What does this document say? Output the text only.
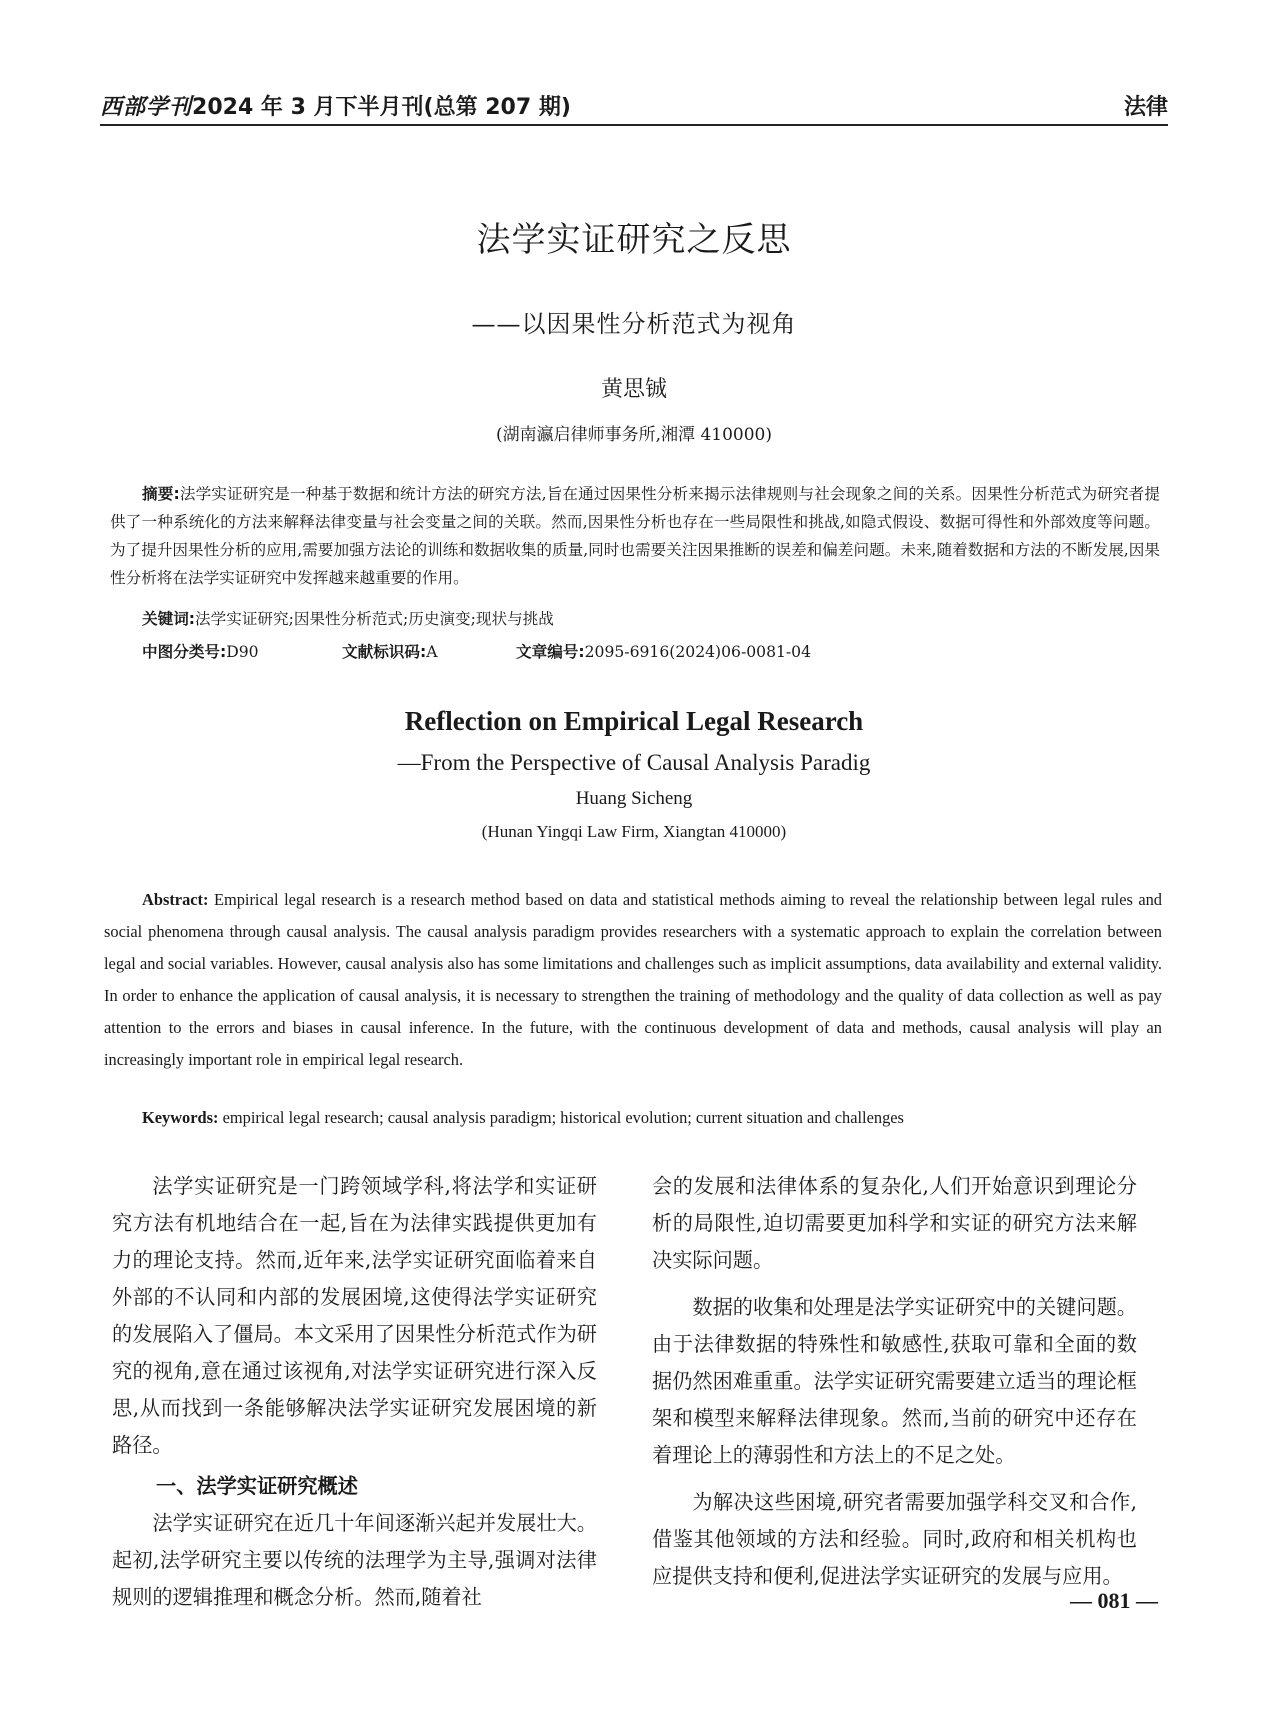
西部学刊2024 年 3 月下半月刊(总第 207 期)	法律
法学实证研究之反思
——以因果性分析范式为视角
黄思铖
(湖南瀛启律师事务所,湘潭 410000)
摘要:法学实证研究是一种基于数据和统计方法的研究方法,旨在通过因果性分析来揭示法律规则与社会现象之间的关系。因果性分析范式为研究者提供了一种系统化的方法来解释法律变量与社会变量之间的关联。然而,因果性分析也存在一些局限性和挑战,如隐式假设、数据可得性和外部效度等问题。为了提升因果性分析的应用,需要加强方法论的训练和数据收集的质量,同时也需要关注因果推断的误差和偏差问题。未来,随着数据和方法的不断发展,因果性分析将在法学实证研究中发挥越来越重要的作用。
关键词:法学实证研究;因果性分析范式;历史演变;现状与挑战
中图分类号:D90	文献标识码:A	文章编号:2095-6916(2024)06-0081-04
Reflection on Empirical Legal Research
—From the Perspective of Causal Analysis Paradig
Huang Sicheng
(Hunan Yingqi Law Firm, Xiangtan 410000)
Abstract: Empirical legal research is a research method based on data and statistical methods aiming to reveal the relationship between legal rules and social phenomena through causal analysis. The causal analysis paradigm provides researchers with a systematic approach to explain the correlation between legal and social variables. However, causal analysis also has some limitations and challenges such as implicit assumptions, data availability and external validity. In order to enhance the application of causal analysis, it is necessary to strengthen the training of methodology and the quality of data collection as well as pay attention to the errors and biases in causal inference. In the future, with the continuous development of data and methods, causal analysis will play an increasingly important role in empirical legal research.
Keywords: empirical legal research; causal analysis paradigm; historical evolution; current situation and challenges

法学实证研究是一门跨领域学科,将法学和实证研究方法有机地结合在一起,旨在为法律实践提供更加有力的理论支持。然而,近年来,法学实证研究面临着来自外部的不认同和内部的发展困境,这使得法学实证研究的发展陷入了僵局。本文采用了因果性分析范式作为研究的视角,意在通过该视角,对法学实证研究进行深入反思,从而找到一条能够解决法学实证研究发展困境的新路径。

一、法学实证研究概述

法学实证研究在近几十年间逐渐兴起并发展壮大。起初,法学研究主要以传统的法理学为主导,强调对法律规则的逻辑推理和概念分析。然而,随着社

会的发展和法律体系的复杂化,人们开始意识到理论分析的局限性,迫切需要更加科学和实证的研究方法来解决实际问题。

数据的收集和处理是法学实证研究中的关键问题。由于法律数据的特殊性和敏感性,获取可靠和全面的数据仍然困难重重。法学实证研究需要建立适当的理论框架和模型来解释法律现象。然而,当前的研究中还存在着理论上的薄弱性和方法上的不足之处。

为解决这些困境,研究者需要加强学科交叉和合作,借鉴其他领域的方法和经验。同时,政府和相关机构也应提供支持和便利,促进法学实证研究的发展与应用。

— 081 —
